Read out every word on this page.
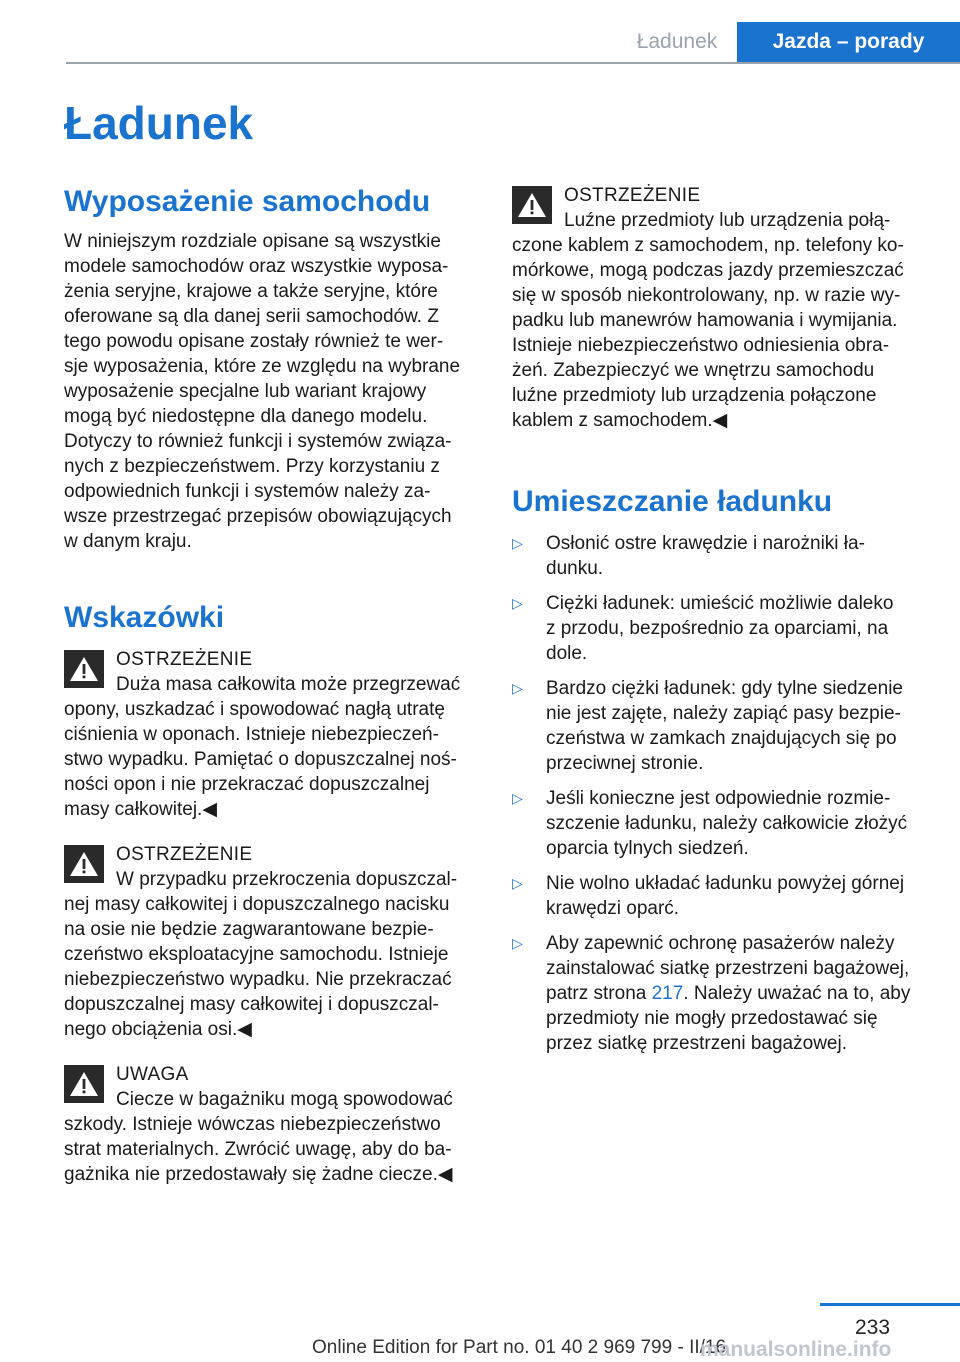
Ładunek	Jazda – porady
Ładunek
Wyposażenie samochodu

W niniejszym rozdziale opisane są wszystkie
modele samochodów oraz wszystkie wyposa‐
żenia seryjne, krajowe a także seryjne, które
oferowane są dla danej serii samochodów. Z
tego powodu opisane zostały również te wer‐
sje wyposażenia, które ze względu na wybrane
wyposażenie specjalne lub wariant krajowy
mogą być niedostępne dla danego modelu.
Dotyczy to również funkcji i systemów związa‐
nych z bezpieczeństwem. Przy korzystaniu z
odpowiednich funkcji i systemów należy za‐
wsze przestrzegać przepisów obowiązujących
w danym kraju.

Wskazówki
OSTRZEŻENIE
Duża masa całkowita może przegrzewać
opony, uszkadzać i spowodować nagłą utratę
ciśnienia w oponach. Istnieje niebezpieczeń‐
stwo wypadku. Pamiętać o dopuszczalnej noś‐
ności opon i nie przekraczać dopuszczalnej
masy całkowitej.◀
OSTRZEŻENIE
W przypadku przekroczenia dopuszczal‐
nej masy całkowitej i dopuszczalnego nacisku
na osie nie będzie zagwarantowane bezpie‐
czeństwo eksploatacyjne samochodu. Istnieje
niebezpieczeństwo wypadku. Nie przekraczać
dopuszczalnej masy całkowitej i dopuszczal‐
nego obciążenia osi.◀
UWAGA
Ciecze w bagażniku mogą spowodować
szkody. Istnieje wówczas niebezpieczeństwo
strat materialnych. Zwrócić uwagę, aby do ba‐
gażnika nie przedostawały się żadne ciecze.◀
OSTRZEŻENIE
Luźne przedmioty lub urządzenia połą‐
czone kablem z samochodem, np. telefony ko‐
mórkowe, mogą podczas jazdy przemieszczać
się w sposób niekontrolowany, np. w razie wy‐
padku lub manewrów hamowania i wymijania.
Istnieje niebezpieczeństwo odniesienia obra‐
żeń. Zabezpieczyć we wnętrzu samochodu
luźne przedmioty lub urządzenia połączone
kablem z samochodem.◀
Umieszczanie ładunku
▷	Osłonić ostre krawędzie i narożniki ła‐
dunku.
▷	Ciężki ładunek: umieścić możliwie daleko
z przodu, bezpośrednio za oparciami, na
dole.
▷	Bardzo ciężki ładunek: gdy tylne siedzenie
nie jest zajęte, należy zapiąć pasy bezpie‐
czeństwa w zamkach znajdujących się po
przeciwnej stronie.
▷	Jeśli konieczne jest odpowiednie rozmie‐
szczenie ładunku, należy całkowicie złożyć
oparcia tylnych siedzeń.
▷	Nie wolno układać ładunku powyżej górnej
krawędzi oparć.
▷	Aby zapewnić ochronę pasażerów należy
zainstalować siatkę przestrzeni bagażowej,
patrz strona 217. Należy uważać na to, aby
przedmioty nie mogły przedostawać się
przez siatkę przestrzeni bagażowej.
233
Online Edition for Part no. 01 40 2 969 799 - II/16
manualsonline.info
